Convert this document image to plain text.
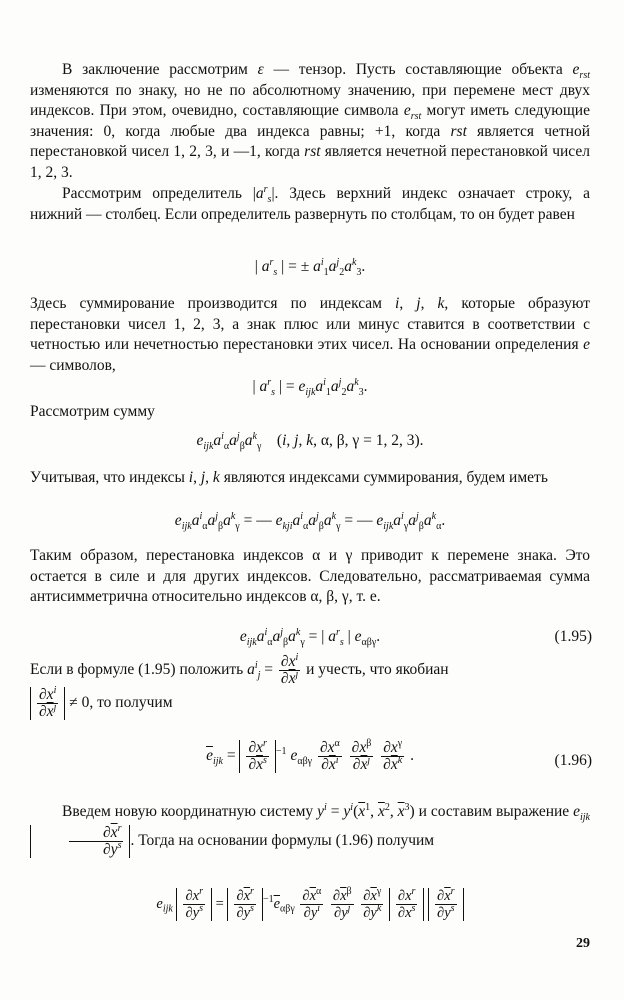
В заключение рассмотрим ε — тензор. Пусть составляющие объекта $e_{rst}$ изменяются по знаку, но не по абсолютному значению, при перемене мест двух индексов. При этом, очевидно, составляющие символа $e_{rst}$ могут иметь следующие значения: 0, когда любые два индекса равны; +1, когда rst является четной перестановкой чисел 1, 2, 3, и —1, когда rst является нечетной перестановкой чисел 1, 2, 3.

Рассмотрим определитель $|a^r_s|$. Здесь верхний индекс означает строку, а нижний — столбец. Если определитель развернуть по столбцам, то он будет равен

| $a^r_s$ | = ± $a^i_1a^j_2a^k_3$.

Здесь суммирование производится по индексам i, j, k, которые образуют перестановки чисел 1, 2, 3, а знак плюс или минус ставится в соответствии с четностью или нечетностью перестановки этих чисел. На основании определения e — символов,

| $a^r_s$ | = $e_{ijk}a^i_1a^j_2a^k_3$.

Рассмотрим сумму

$e_{ijk}a^i_\alpha a^j_\beta a^k_\gamma$    (i, j, k, α, β, γ = 1, 2, 3).

Учитывая, что индексы i, j, k являются индексами суммирования, будем иметь

$e_{ijk}a^i_\alpha a^j_\beta a^k_\gamma$ = — $e_{kji}a^i_\alpha a^j_\beta a^k_\gamma$ = — $e_{ijk}a^i_\gamma a^j_\beta a^k_\alpha$.

Таким образом, перестановка индексов α и γ приводит к перемене знака. Это остается в силе и для других индексов. Следовательно, рассматриваемая сумма антисимметрична относительно индексов α, β, γ, т. е.

$e_{ijk}a^i_\alpha a^j_\beta a^k_\gamma$ = | $a^r_s$ | $e_{\alpha\beta\gamma}$.	(1.95)
Если в формуле (1.95) положить $a^i_j = \frac{\partial x^i}{\partial\overline{x}^j}$ и учесть, что якобиан

$\frac{\partial x^i}{\partial\overline{x}^j} \ne 0$, то получим
$\overline{e}_{ijk} = \frac{\partial x^r}{\partial\overline{x}^s} ^{-1}$ $e_{\alpha\beta\gamma} \frac{\partial x^\alpha}{\partial\overline{x}^i}$
$\frac{\partial x^\beta}{\partial\overline{x}^j}$
$\frac{\partial x^\gamma}{\partial\overline{x}^k}$ .	(1.96)
Введем новую координатную систему $y^i = y^i(\overline{x}^1$, $\overline{x}^2$, $\overline{x}^3$) и составим выражение $e_{ijk}$
$\frac{\partial\overline{x}^r}{\partial y^s}$ . Тогда на основании формулы (1.96) получим
$e_{ijk} \frac{\partial x^r}{\partial y^s} = \frac{\partial\overline{x}^r}{\partial y^s} ^{-1}\overline{e}_{\alpha\beta\gamma} \frac{\partial\overline{x}^\alpha}{\partial y^i}$
$\frac{\partial\overline{x}^\beta}{\partial y^j}$
$\frac{\partial\overline{x}^\gamma}{\partial y^k}$
$\frac{\partial x^r}{\partial\overline{x}^s}$
$\frac{\partial\overline{x}^r}{\partial y^s}$
29
